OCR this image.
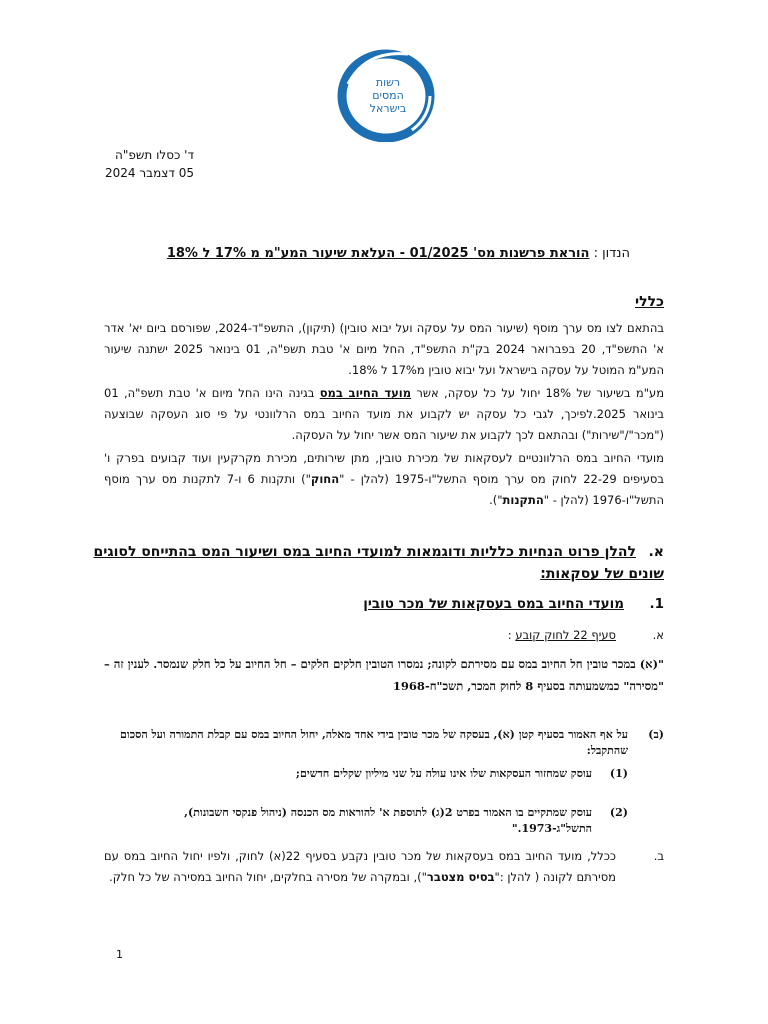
רשות
המסים
בישראל
ד' כסלו תשפ"ה
05 דצמבר 2024
הנדון : הוראת פרשנות מס' 01/2025 - העלאת שיעור המע"מ מ 17% ל 18%
כללי
בהתאם לצו מס ערך מוסף (שיעור המס על עסקה ועל יבוא טובין) (תיקון), התשפ"ד-2024, שפורסם ביום יא' אדר א' התשפ"ד, 20 בפברואר 2024 בק"ת התשפ"ד, החל מיום א' טבת תשפ"ה, 01 בינואר 2025 ישתנה שיעור המע"מ המוטל על עסקה בישראל ועל יבוא טובין מ17% ל 18%.
מע"מ בשיעור של 18% יחול על כל עסקה, אשר מועד החיוב במס בגינה הינו החל מיום א' טבת תשפ"ה, 01 בינואר 2025.לפיכך, לגבי כל עסקה יש לקבוע את מועד החיוב במס הרלוונטי על פי סוג העסקה שבוצעה ("מכר"/"שירות") ובהתאם לכך לקבוע את שיעור המס אשר יחול על העסקה.
מועדי החיוב במס הרלוונטיים לעסקאות של מכירת טובין, מתן שירותים, מכירת מקרקעין ועוד קבועים בפרק ו' בסעיפים 22-29 לחוק מס ערך מוסף התשל"ו-1975 (להלן - "החוק") ותקנות 6 ו-7 לתקנות מס ערך מוסף התשל"ו-1976 (להלן - "התקנות").
א.להלן פרוט הנחיות כלליות ודוגמאות למועדי החיוב במס ושיעור המס בהתייחס לסוגים שונים של עסקאות:
1.מועדי החיוב במס בעסקאות של מכר טובין
א.סעיף 22 לחוק קובע :
"(א) במכר טובין חל החיוב במס עם מסירתם לקונה; נמסרו הטובין חלקים חלקים – חל החיוב על כל חלק שנמסר. לענין זה – "מסירה" כמשמעותה בסעיף 8 לחוק המכר, תשכ"ח-1968
(ב)
על אף האמור בסעיף קטן (א), בעסקה של מכר טובין בידי אחד מאלה, יחול החיוב במס עם קבלת התמורה ועל הסכום שהתקבל:
(1)
עוסק שמחזור העסקאות שלו אינו עולה על שני מיליון שקלים חדשים;
(2)
עוסק שמתקיים בו האמור בפרט 2(ג) לתוספת א' להוראות מס הכנסה (ניהול פנקסי חשבונות), התשל"ג-1973."
ב.
ככלל, מועד החיוב במס בעסקאות של מכר טובין נקבע בסעיף 22(א) לחוק, ולפיו יחול החיוב במס עם מסירתם לקונה ( להלן :"בסיס מצטבר"), ובמקרה של מסירה בחלקים, יחול החיוב במסירה של כל חלק.
1
